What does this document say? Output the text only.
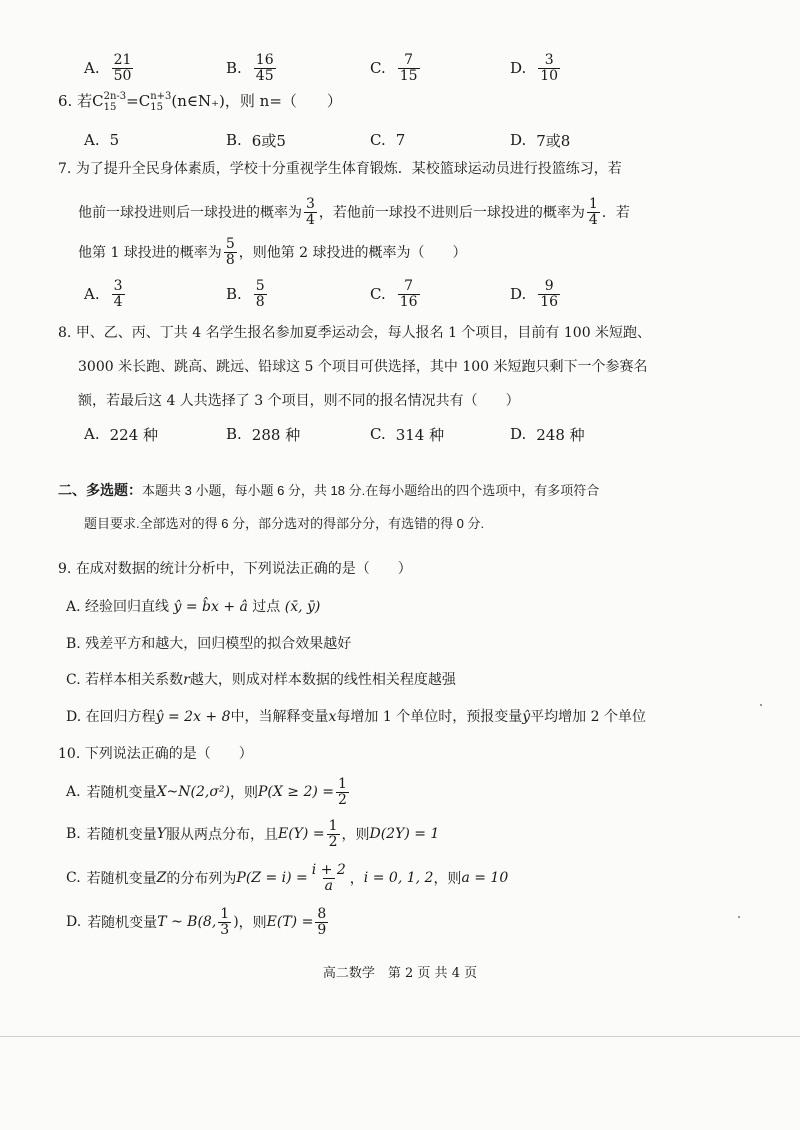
A. $\frac{21}{50}$	B. $\frac{16}{45}$	C. $\frac{7}{15}$	D. $\frac{3}{10}$
6. 若C 2n-3
15 =C n+3
15 (n∈N₊)，则 n=（　　）
A. 5	B. 6或5	C. 7	D. 7或8
7. 为了提升全民身体素质，学校十分重视学生体育锻炼．某校篮球运动员进行投篮练习，若
他前一球投进则后一球投进的概率为 $\frac{3}{4}$ ，若他前一球投不进则后一球投进的概率为 $\frac{1}{4}$ ．若
他第 1 球投进的概率为 $\frac{5}{8}$ ，则他第 2 球投进的概率为（　　）
A. $\frac{3}{4}$	B. $\frac{5}{8}$	C. $\frac{7}{16}$	D. $\frac{9}{16}$
8. 甲、乙、丙、丁共 4 名学生报名参加夏季运动会，每人报名 1 个项目，目前有 100 米短跑、
3000 米长跑、跳高、跳远、铅球这 5 个项目可供选择，其中 100 米短跑只剩下一个参赛名
额，若最后这 4 人共选择了 3 个项目，则不同的报名情况共有（　　）
A. 224 种	B. 288 种	C. 314 种	D. 248 种
二、多选题：本题共 3 小题，每小题 6 分，共 18 分.在每小题给出的四个选项中，有多项符合
题目要求.全部选对的得 6 分，部分选对的得部分分，有选错的得 0 分.
9. 在成对数据的统计分析中，下列说法正确的是（　　）
A. 经验回归直线 ŷ = b̂x + â 过点 (x̄, ȳ)
B. 残差平方和越大，回归模型的拟合效果越好
C. 若样本相关系数r越大，则成对样本数据的线性相关程度越强
D. 在回归方程ŷ = 2x + 8中，当解释变量x每增加 1 个单位时，预报变量ŷ平均增加 2 个单位
10. 下列说法正确的是（　　）
A. 若随机变量 X~N(2,σ²) ，则 $P(X \ge 2) = \frac{1}{2}$
B. 若随机变量 Y 服从两点分布，且 $E(Y) = \frac{1}{2}$ ，则 D(2Y) = 1
C. 若随机变量 Z 的分布列为 $P(Z = i) = \frac{i + 2}{a}$ ， i = 0, 1, 2 ，则 a = 10
D. 若随机变量 T ~ B(8, $\frac{1}{3}$ ) ，则 $E(T) = \frac{8}{9}$
高二数学　第 2 页 共 4 页
